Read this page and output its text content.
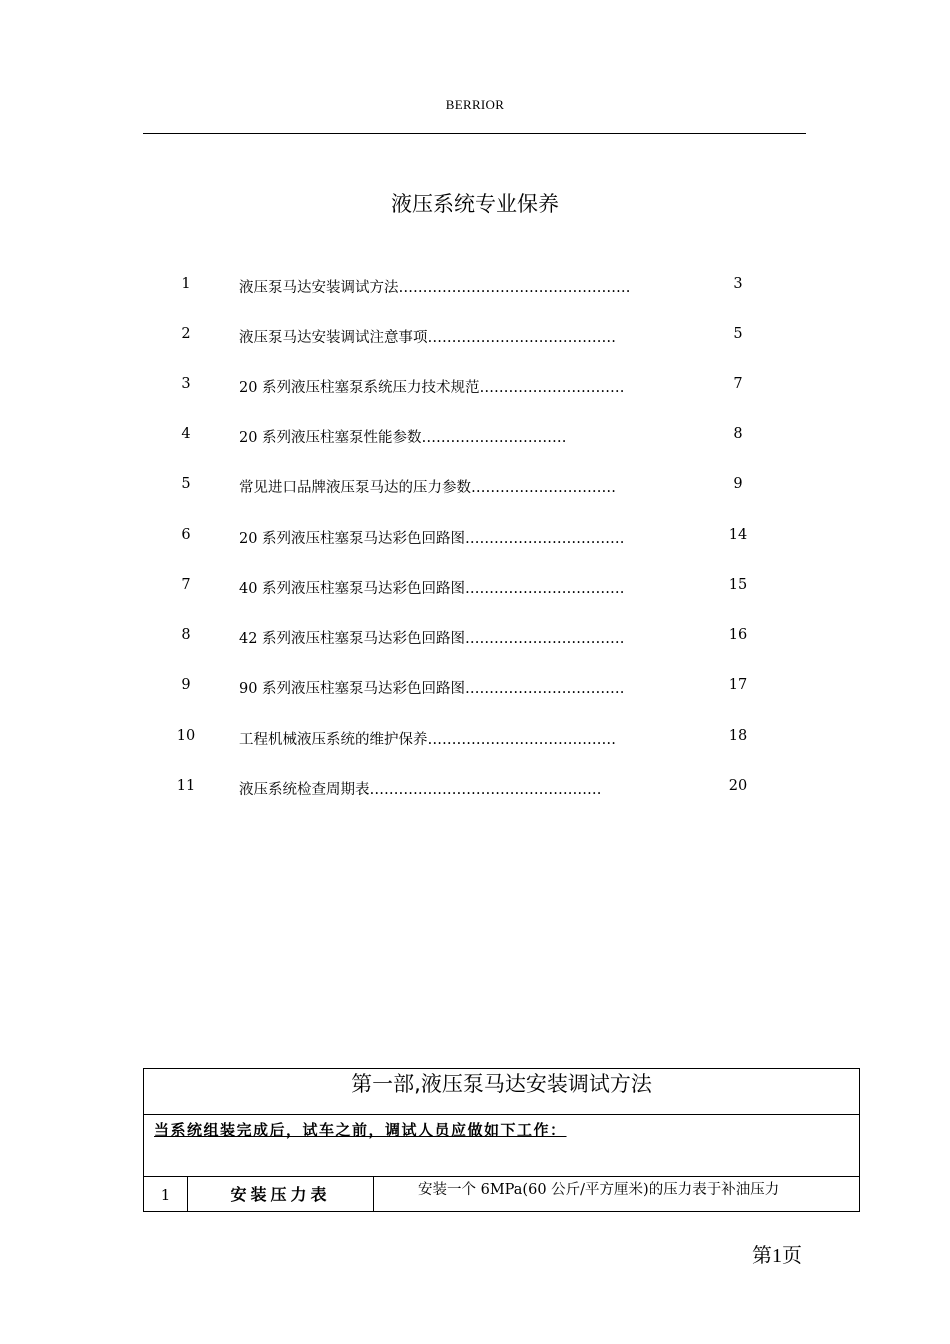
BERRIOR
液压系统专业保养
1	液压泵马达安装调试方法…………………………………………	3
2	液压泵马达安装调试注意事项…………………………………	5
3	20 系列液压柱塞泵系统压力技术规范…………………………	7
4	20 系列液压柱塞泵性能参数…………………………	8
5	常见进口品牌液压泵马达的压力参数…………………………	9
6	20 系列液压柱塞泵马达彩色回路图……………………………	14
7	40 系列液压柱塞泵马达彩色回路图……………………………	15
8	42 系列液压柱塞泵马达彩色回路图……………………………	16
9	90 系列液压柱塞泵马达彩色回路图……………………………	17
10	工程机械液压系统的维护保养…………………………………	18
11	液压系统检查周期表…………………………………………	20
第一部,液压泵马达安装调试方法
当系统组装完成后，试车之前，调试人员应做如下工作：
1	安装压力表	安装一个 6MPa(60 公斤/平方厘米)的压力表于补油压力
第1页
